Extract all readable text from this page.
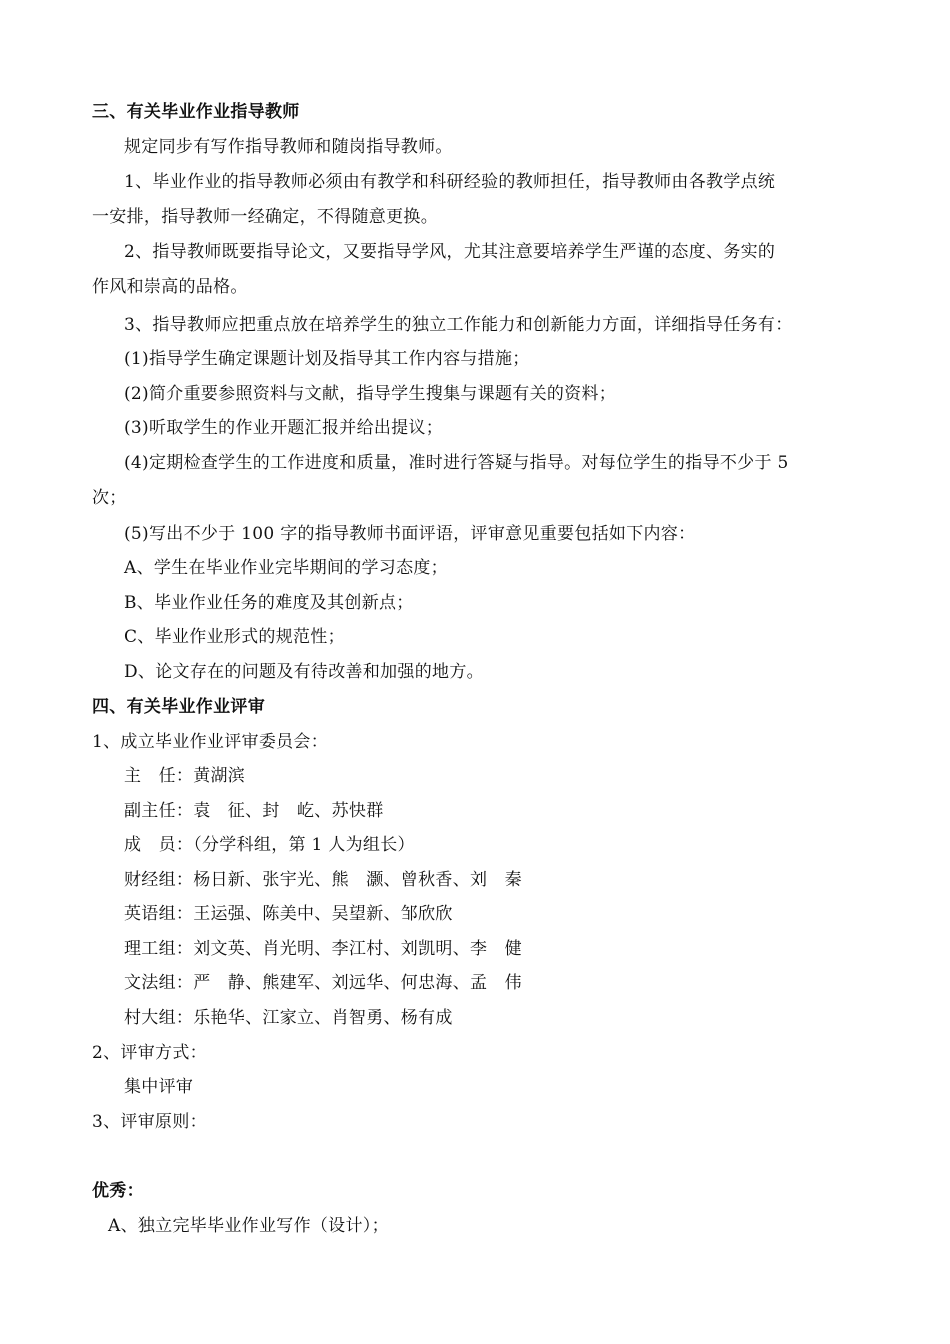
三、有关毕业作业指导教师
规定同步有写作指导教师和随岗指导教师。
1、毕业作业的指导教师必须由有教学和科研经验的教师担任，指导教师由各教学点统
一安排，指导教师一经确定，不得随意更换。
2、指导教师既要指导论文，又要指导学风，尤其注意要培养学生严谨的态度、务实的
作风和崇高的品格。
3、指导教师应把重点放在培养学生的独立工作能力和创新能力方面，详细指导任务有：
(1)指导学生确定课题计划及指导其工作内容与措施；
(2)简介重要参照资料与文献，指导学生搜集与课题有关的资料；
(3)听取学生的作业开题汇报并给出提议；
(4)定期检查学生的工作进度和质量，准时进行答疑与指导。对每位学生的指导不少于 5
次；
(5)写出不少于 100 字的指导教师书面评语，评审意见重要包括如下内容：
A、学生在毕业作业完毕期间的学习态度；
B、毕业作业任务的难度及其创新点；
C、毕业作业形式的规范性；
D、论文存在的问题及有待改善和加强的地方。
四、有关毕业作业评审
1、成立毕业作业评审委员会：
主　任：黄湖滨
副主任：袁　征、封　屹、苏快群
成　员：（分学科组，第 1 人为组长）
财经组：杨日新、张宇光、熊　灏、曾秋香、刘　秦
英语组：王运强、陈美中、吴望新、邹欣欣
理工组：刘文英、肖光明、李江村、刘凯明、李　健
文法组：严　静、熊建军、刘远华、何忠海、孟　伟
村大组：乐艳华、江家立、肖智勇、杨有成
2、评审方式：
集中评审
3、评审原则：
优秀：
A、独立完毕毕业作业写作（设计）；
